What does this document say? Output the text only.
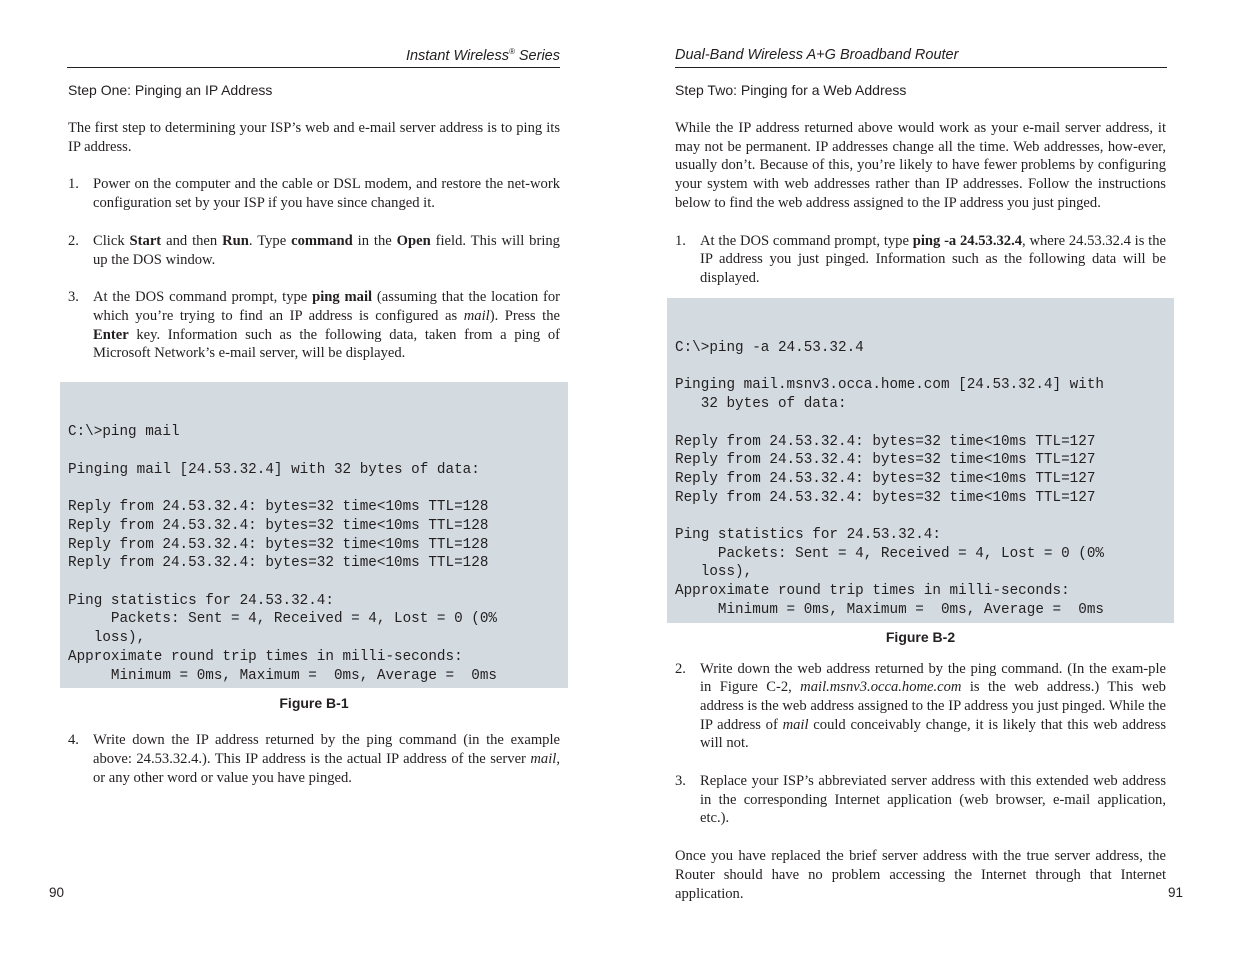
Instant Wireless® Series
Step One: Pinging an IP Address

The first step to determining your ISP’s web and e-mail server address is to ping its IP address.

1. Power on the computer and the cable or DSL modem, and restore the net-work configuration set by your ISP if you have since changed it.
2. Click Start and then Run. Type command in the Open field. This will bring up the DOS window.
3. At the DOS command prompt, type ping mail (assuming that the location for which you’re trying to find an IP address is configured as mail). Press the Enter key. Information such as the following data, taken from a ping of Microsoft Network’s e-mail server, will be displayed.

C:\>ping mail
Pinging mail [24.53.32.4] with 32 bytes of data:
Reply from 24.53.32.4: bytes=32 time<10ms TTL=128
Reply from 24.53.32.4: bytes=32 time<10ms TTL=128
Reply from 24.53.32.4: bytes=32 time<10ms TTL=128
Reply from 24.53.32.4: bytes=32 time<10ms TTL=128
Ping statistics for 24.53.32.4:
Packets: Sent = 4, Received = 4, Lost = 0 (0%
loss),
Approximate round trip times in milli-seconds:
Minimum = 0ms, Maximum =  0ms, Average =  0ms
Figure B-1
4. Write down the IP address returned by the ping command (in the example above: 24.53.32.4.). This IP address is the actual IP address of the server mail, or any other word or value you have pinged.
90
Dual-Band Wireless A+G Broadband Router
Step Two: Pinging for a Web Address

While the IP address returned above would work as your e-mail server address, it may not be permanent. IP addresses change all the time. Web addresses, how-ever, usually don’t. Because of this, you’re likely to have fewer problems by configuring your system with web addresses rather than IP addresses. Follow the instructions below to find the web address assigned to the IP address you just pinged.

1. At the DOS command prompt, type ping -a 24.53.32.4, where 24.53.32.4 is the IP address you just pinged. Information such as the following data will be displayed.

C:\>ping -a 24.53.32.4
Pinging mail.msnv3.occa.home.com [24.53.32.4] with
32 bytes of data:
Reply from 24.53.32.4: bytes=32 time<10ms TTL=127
Reply from 24.53.32.4: bytes=32 time<10ms TTL=127
Reply from 24.53.32.4: bytes=32 time<10ms TTL=127
Reply from 24.53.32.4: bytes=32 time<10ms TTL=127
Ping statistics for 24.53.32.4:
Packets: Sent = 4, Received = 4, Lost = 0 (0%
loss),
Approximate round trip times in milli-seconds:
Minimum = 0ms, Maximum =  0ms, Average =  0ms
Figure B-2
2. Write down the web address returned by the ping command. (In the exam-ple in Figure C-2, mail.msnv3.occa.home.com is the web address.) This web address is the web address assigned to the IP address you just pinged. While the IP address of mail could conceivably change, it is likely that this web address will not.
3. Replace your ISP’s abbreviated server address with this extended web address in the corresponding Internet application (web browser, e-mail application, etc.).

Once you have replaced the brief server address with the true server address, the Router should have no problem accessing the Internet through that Internet application.	91
